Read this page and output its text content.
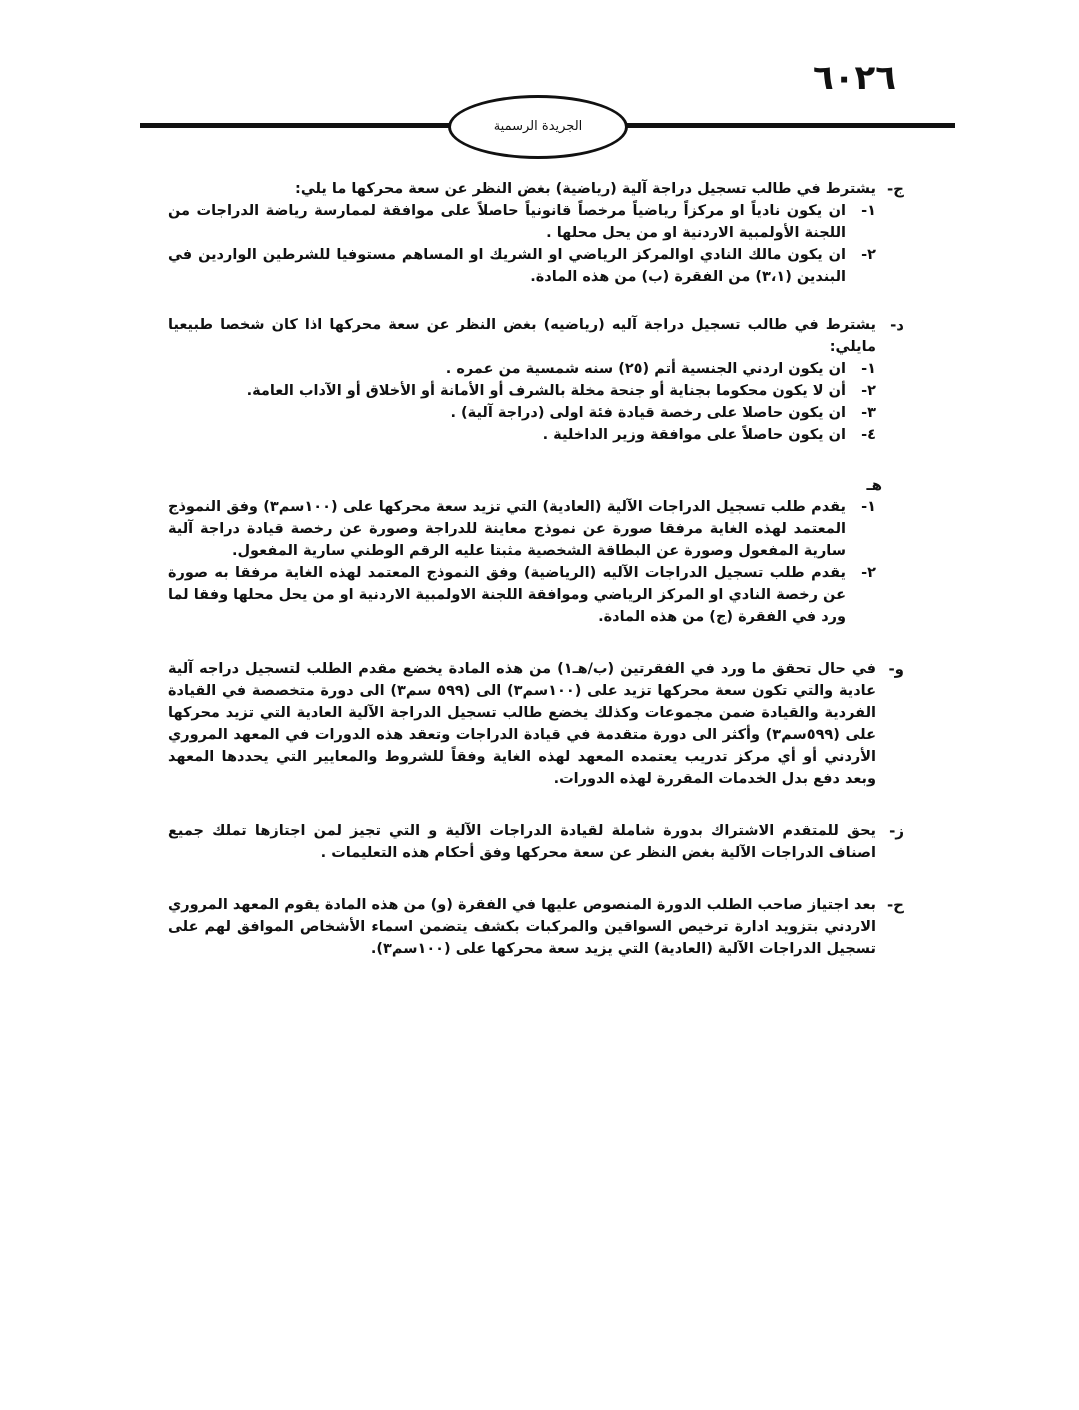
٦٠٢٦
الجريدة الرسمية
ج-
يشترط في طالب تسجيل دراجة آلية (رياضية) بغض النظر عن سعة محركها ما يلي:
١-
ان يكون نادياً او مركزاً رياضياً مرخصاً قانونياً حاصلاً على موافقة لممارسة رياضة الدراجات من اللجنة الأولمبية الاردنية او من يحل محلها .
٢-
ان يكون مالك النادي اوالمركز الرياضي او الشريك او المساهم مستوفيا للشرطين الواردين في البندين (٣،١) من الفقرة (ب) من هذه المادة.
د-
يشترط في طالب تسجيل دراجة آليه (رياضيه) بغض النظر عن سعة محركها اذا كان شخصا طبيعيا مايلي:
١-
ان يكون اردني الجنسية أتم (٢٥) سنه شمسية من عمره .
٢-
أن لا يكون محكوما بجناية أو جنحة مخلة بالشرف أو الأمانة أو الأخلاق أو الآداب العامة.
٣-
ان يكون حاصلا على رخصة قيادة فئة اولى (دراجة آلية) .
٤-
ان يكون حاصلاً على موافقة وزير الداخلية .
هـ
١-
يقدم طلب تسجيل الدراجات الآلية (العادية) التي تزيد سعة محركها على (١٠٠سم٣) وفق النموذج المعتمد لهذه الغاية مرفقا صورة عن نموذج معاينة للدراجة وصورة عن رخصة قيادة دراجة آلية سارية المفعول وصورة عن البطاقة الشخصية مثبتا عليه الرقم الوطني سارية المفعول.
٢-
يقدم طلب تسجيل الدراجات الآليه (الرياضية) وفق النموذج المعتمد لهذه الغاية مرفقا به صورة عن رخصة النادي او المركز الرياضي وموافقة اللجنة الاولمبية الاردنية او من يحل محلها وفقا لما ورد في الفقرة (ج) من هذه المادة.
و-
في حال تحقق ما ورد في الفقرتين (ب/هـ١) من هذه المادة يخضع مقدم الطلب لتسجيل دراجه آلية عادية والتي تكون سعة محركها تزيد على (١٠٠سم٣) الى (٥٩٩ سم٣) الى دورة متخصصة في القيادة الفردية والقيادة ضمن مجموعات وكذلك يخضع طالب تسجيل الدراجة الآلية العادية التي تزيد محركها على (٥٩٩سم٣) وأكثر الى دورة متقدمة في قيادة الدراجات وتعقد هذه الدورات في المعهد المروري الأردني أو أي مركز تدريب يعتمده المعهد لهذه الغاية وفقاً للشروط والمعايير التي يحددها المعهد وبعد دفع بدل الخدمات المقررة لهذه الدورات.
ز-
يحق للمتقدم الاشتراك بدورة شاملة لقيادة الدراجات الآلية و التي تجيز لمن اجتازها تملك جميع اصناف الدراجات الآلية بغض النظر عن سعة محركها وفق أحكام هذه التعليمات .
ح-
بعد اجتياز صاحب الطلب الدورة المنصوص عليها في الفقرة (و) من هذه المادة يقوم المعهد المروري الاردني بتزويد ادارة ترخيص السواقين والمركبات بكشف يتضمن اسماء الأشخاص الموافق لهم على تسجيل الدراجات الآلية (العادية) التي يزيد سعة محركها على (١٠٠سم٣).
